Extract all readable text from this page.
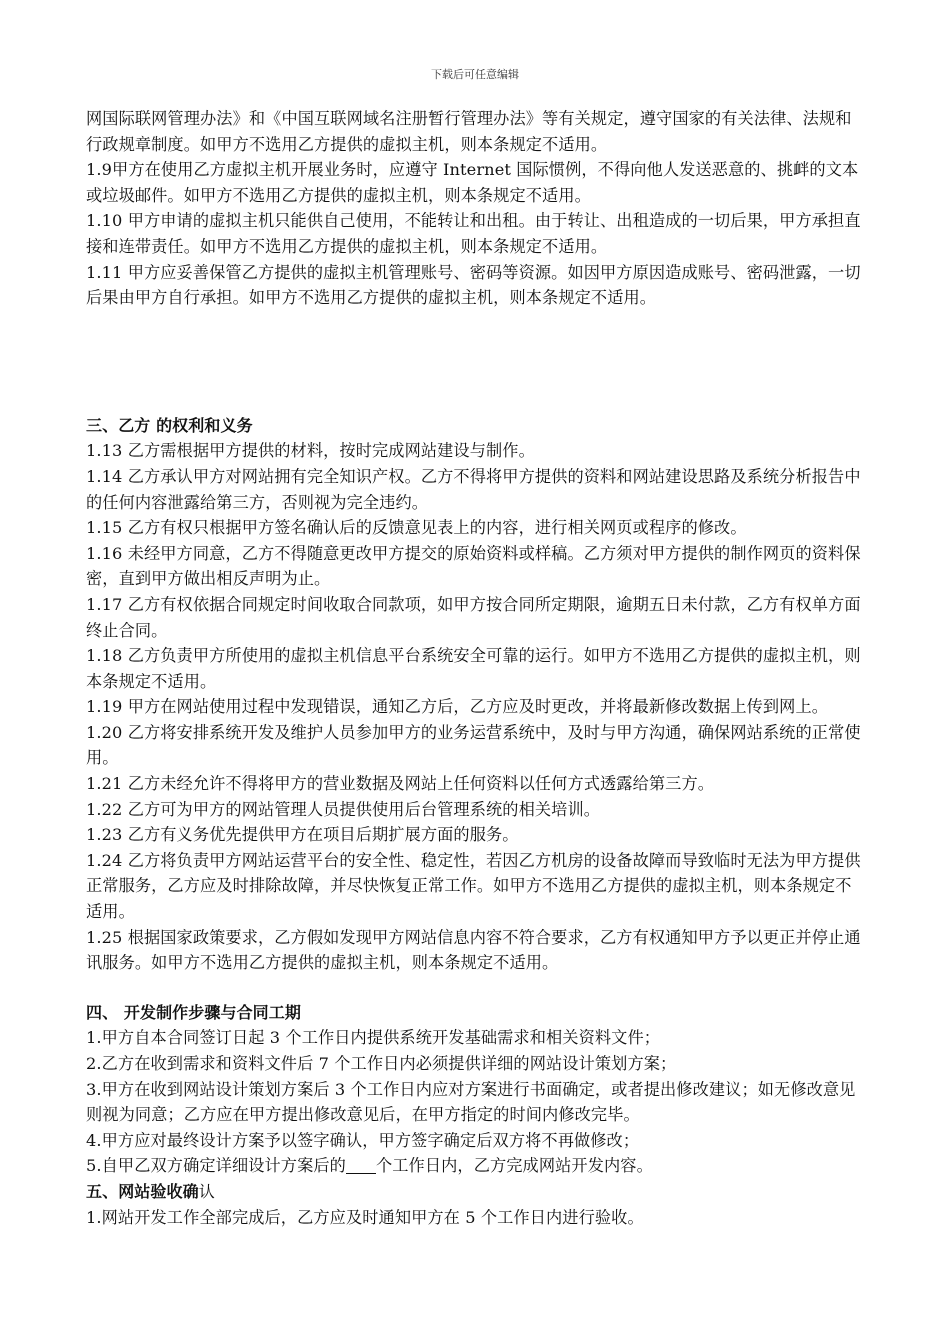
下载后可任意编辑

网国际联网管理办法》和《中国互联网域名注册暂行管理办法》等有关规定，遵守国家的有关法律、法规和行政规章制度。如甲方不选用乙方提供的虚拟主机，则本条规定不适用。

1.9甲方在使用乙方虚拟主机开展业务时，应遵守 Internet 国际惯例，不得向他人发送恶意的、挑衅的文本或垃圾邮件。如甲方不选用乙方提供的虚拟主机，则本条规定不适用。

1.10 甲方申请的虚拟主机只能供自己使用，不能转让和出租。由于转让、出租造成的一切后果，甲方承担直接和连带责任。如甲方不选用乙方提供的虚拟主机，则本条规定不适用。

1.11 甲方应妥善保管乙方提供的虚拟主机管理账号、密码等资源。如因甲方原因造成账号、密码泄露，一切后果由甲方自行承担。如甲方不选用乙方提供的虚拟主机，则本条规定不适用。

三、乙方 的权利和义务

1.13 乙方需根据甲方提供的材料，按时完成网站建设与制作。

1.14 乙方承认甲方对网站拥有完全知识产权。乙方不得将甲方提供的资料和网站建设思路及系统分析报告中的任何内容泄露给第三方，否则视为完全违约。

1.15 乙方有权只根据甲方签名确认后的反馈意见表上的内容，进行相关网页或程序的修改。

1.16 未经甲方同意，乙方不得随意更改甲方提交的原始资料或样稿。乙方须对甲方提供的制作网页的资料保密，直到甲方做出相反声明为止。

1.17 乙方有权依据合同规定时间收取合同款项，如甲方按合同所定期限，逾期五日未付款，乙方有权单方面终止合同。

1.18 乙方负责甲方所使用的虚拟主机信息平台系统安全可靠的运行。如甲方不选用乙方提供的虚拟主机，则本条规定不适用。

1.19 甲方在网站使用过程中发现错误，通知乙方后，乙方应及时更改，并将最新修改数据上传到网上。

1.20 乙方将安排系统开发及维护人员参加甲方的业务运营系统中，及时与甲方沟通，确保网站系统的正常使用。

1.21 乙方未经允许不得将甲方的营业数据及网站上任何资料以任何方式透露给第三方。

1.22 乙方可为甲方的网站管理人员提供使用后台管理系统的相关培训。

1.23 乙方有义务优先提供甲方在项目后期扩展方面的服务。

1.24 乙方将负责甲方网站运营平台的安全性、稳定性，若因乙方机房的设备故障而导致临时无法为甲方提供正常服务，乙方应及时排除故障，并尽快恢复正常工作。如甲方不选用乙方提供的虚拟主机，则本条规定不适用。

1.25 根据国家政策要求，乙方假如发现甲方网站信息内容不符合要求，乙方有权通知甲方予以更正并停止通讯服务。如甲方不选用乙方提供的虚拟主机，则本条规定不适用。

四、 开发制作步骤与合同工期

1.甲方自本合同签订日起 3 个工作日内提供系统开发基础需求和相关资料文件；

2.乙方在收到需求和资料文件后 7 个工作日内必须提供详细的网站设计策划方案；

3.甲方在收到网站设计策划方案后 3 个工作日内应对方案进行书面确定，或者提出修改建议；如无修改意见则视为同意；乙方应在甲方提出修改意见后，在甲方指定的时间内修改完毕。

4.甲方应对最终设计方案予以签字确认，甲方签字确定后双方将不再做修改；

5.自甲乙双方确定详细设计方案后的 个工作日内，乙方完成网站开发内容。

五、网站验收确认

1.网站开发工作全部完成后，乙方应及时通知甲方在 5 个工作日内进行验收。
